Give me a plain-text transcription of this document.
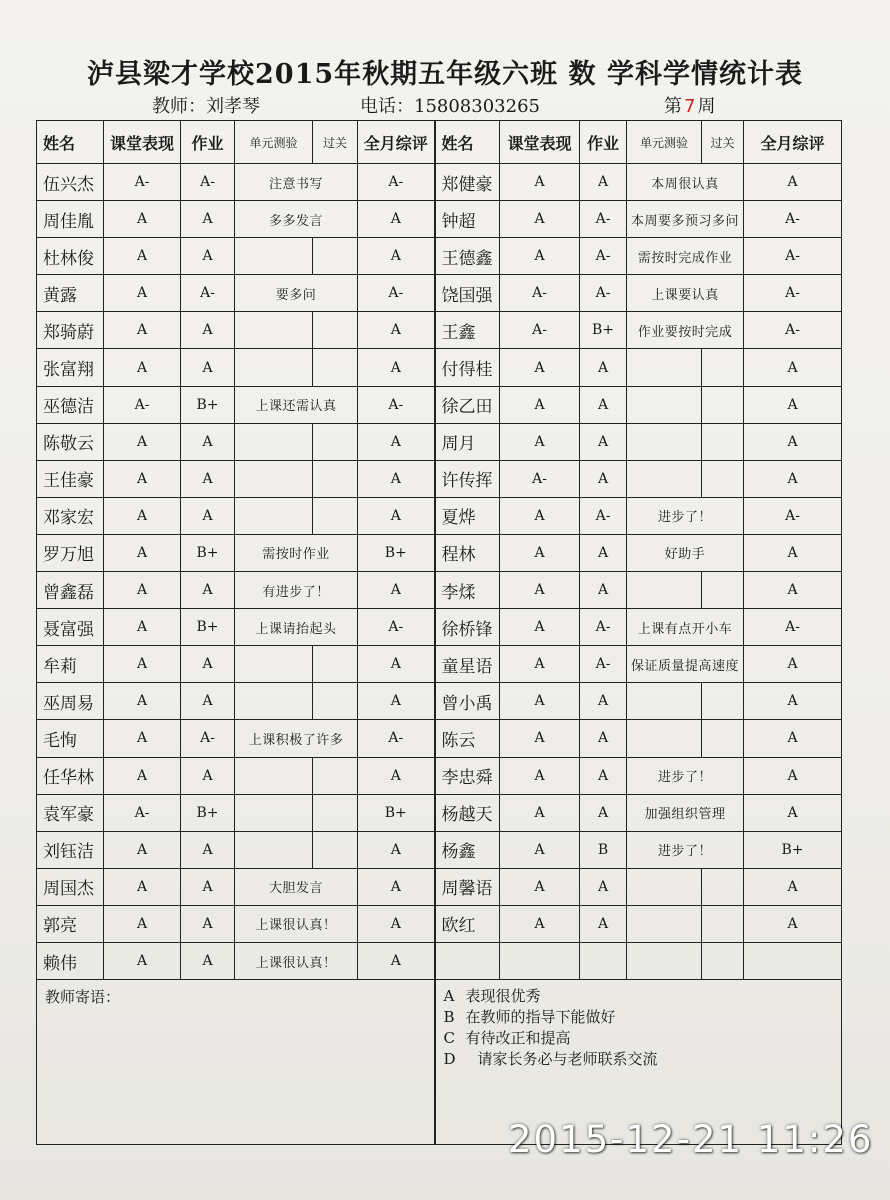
泸县梁才学校2015年秋期五年级六班 数 学科学情统计表
教师：刘孝琴	电话：15808303265	第 7 周
姓名	课堂表现	作业	单元测验	过关	全月综评	姓名	课堂表现	作业	单元测验	过关	全月综评
伍兴杰	A-	A-	注意书写		A-	郑健豪	A	A	本周很认真		A
周佳胤	A	A	多多发言		A	钟超	A	A-	本周要多预习多问		A-
杜林俊	A	A			A	王德鑫	A	A-	需按时完成作业		A-
黄露	A	A-	要多问		A-	饶国强	A-	A-	上课要认真		A-
郑骑蔚	A	A			A	王鑫	A-	B+	作业要按时完成		A-
张富翔	A	A			A	付得桂	A	A			A
巫德洁	A-	B+	上课还需认真		A-	徐乙田	A	A			A
陈敬云	A	A			A	周月	A	A			A
王佳豪	A	A			A	许传挥	A-	A			A
邓家宏	A	A			A	夏烨	A	A-	进步了！		A-
罗万旭	A	B+	需按时作业		B+	程林	A	A	好助手		A
曾鑫磊	A	A	有进步了！		A	李煣	A	A			A
聂富强	A	B+	上课请抬起头		A-	徐桥锋	A	A-	上课有点开小车		A-
牟莉	A	A			A	童星语	A	A-	保证质量提高速度		A
巫周易	A	A			A	曾小禹	A	A			A
毛恂	A	A-	上课积极了许多		A-	陈云	A	A			A
任华林	A	A			A	李忠舜	A	A	进步了！		A
袁军豪	A-	B+			B+	杨越天	A	A	加强组织管理		A
刘钰洁	A	A			A	杨鑫	A	B	进步了！		B+
周国杰	A	A	大胆发言		A	周馨语	A	A			A
郭亮	A	A	上课很认真！		A	欧红	A	A			A
赖伟	A	A	上课很认真！		A						

教师寄语：						A 表现很优秀
B 在教师的指导下能做好
C 有待改正和提高
D 请家长务必与老师联系交流					
2015-12-21 11:26
